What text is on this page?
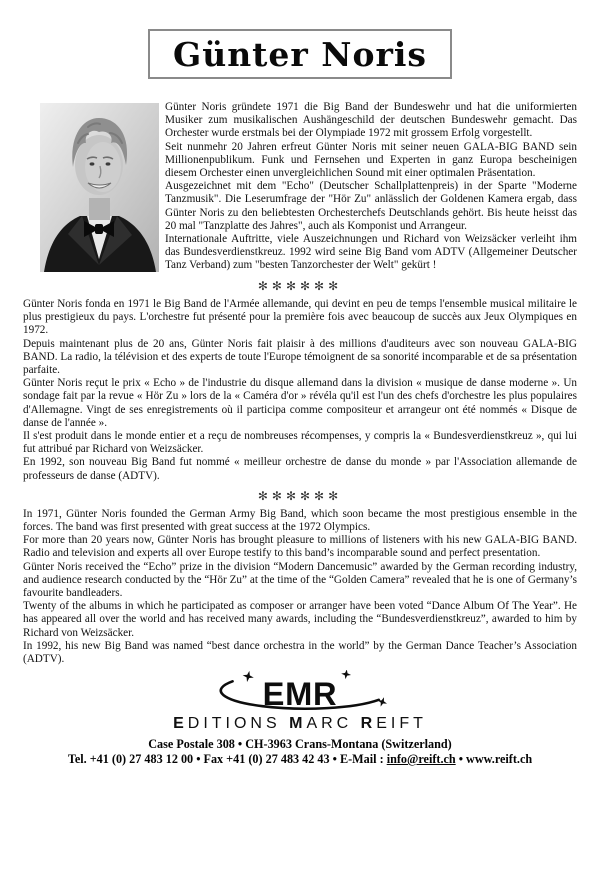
Günter Noris

Günter Noris gründete 1971 die Big Band der Bundeswehr und hat die uniformierten Musiker zum musikalischen Aushängeschild der deutschen Bundeswehr gemacht. Das Orchester wurde erstmals bei der Olympiade 1972 mit grossem Erfolg vorgestellt.

Seit nunmehr 20 Jahren erfreut Günter Noris mit seiner neuen GALA-BIG BAND sein Millionenpublikum. Funk und Fernsehen und Experten in ganz Europa bescheinigen diesem Orchester einen unvergleichlichen Sound mit einer optimalen Präsentation.

Ausgezeichnet mit dem "Echo" (Deutscher Schallplattenpreis) in der Sparte "Moderne Tanzmusik". Die Leserumfrage der "Hör Zu" anlässlich der Goldenen Kamera ergab, dass Günter Noris zu den beliebtesten Orchesterchefs Deutschlands gehört. Bis heute heisst das 20 mal "Tanzplatte des Jahres", auch als Komponist und Arrangeur.

Internationale Auftritte, viele Auszeichnungen und Richard von Weizsäcker verleiht ihm das Bundesverdienstkreuz. 1992 wird seine Big Band vom ADTV (Allgemeiner Deutscher Tanz Verband) zum "besten Tanzorchester der Welt" gekürt !

✻✻✻✻✻✻

Günter Noris fonda en 1971 le Big Band de l'Armée allemande, qui devint en peu de temps l'ensemble musical militaire le plus prestigieux du pays. L'orchestre fut présenté pour la première fois avec beaucoup de succès aux Jeux Olympiques en 1972.

Depuis maintenant plus de 20 ans, Günter Noris fait plaisir à des millions d'auditeurs avec son nouveau GALA-BIG BAND. La radio, la télévision et des experts de toute l'Europe témoignent de sa sonorité incomparable et de sa présentation parfaite.

Günter Noris reçut le prix « Echo » de l'industrie du disque allemand dans la division « musique de danse moderne ». Un sondage fait par la revue « Hör Zu » lors de la « Caméra d'or » révéla qu'il est l'un des chefs d'orchestre les plus populaires d'Allemagne. Vingt de ses enregistrements où il participa comme compositeur et arrangeur ont été nommés « Disque de danse de l'année ».

Il s'est produit dans le monde entier et a reçu de nombreuses récompenses, y compris la « Bundesverdienstkreuz », qui lui fut attribué par Richard von Weizsäcker.

En 1992, son nouveau Big Band fut nommé « meilleur orchestre de danse du monde » par l'Association allemande de professeurs de danse (ADTV).

✻✻✻✻✻✻

In 1971, Günter Noris founded the German Army Big Band, which soon became the most prestigious ensemble in the forces. The band was first presented with great success at the 1972 Olympics.

For more than 20 years now, Günter Noris has brought pleasure to millions of listeners with his new GALA-BIG BAND. Radio and television and experts all over Europe testify to this band’s incomparable sound and perfect presentation.

Günter Noris received the “Echo” prize in the division “Modern Dancemusic” awarded by the German recording industry, and audience research conducted by the “Hör Zu” at the time of the “Golden Camera” revealed that he is one of Germany’s favourite bandleaders.

Twenty of the albums in which he participated as composer or arranger have been voted “Dance Album Of The Year”. He has appeared all over the world and has received many awards, including the “Bundesverdienstkreuz”, awarded to him by Richard von Weizsäcker.

In 1992, his new Big Band was named “best dance orchestra in the world” by the German Dance Teacher’s Association (ADTV).

EMR
EDITIONS MARC REIFT
Case Postale 308 • CH-3963 Crans-Montana (Switzerland)
Tel. +41 (0) 27 483 12 00 • Fax +41 (0) 27 483 42 43 • E-Mail : info@reift.ch • www.reift.ch
